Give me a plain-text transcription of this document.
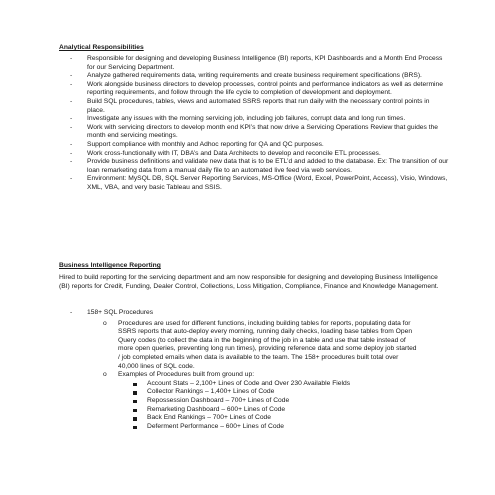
Analytical Responsibilities
- Responsible for designing and developing Business Intelligence (BI) reports, KPI Dashboards and a Month End Process for our Servicing Department.
- Analyze gathered requirements data, writing requirements and create business requirement specifications (BRS).
- Work alongside business directors to develop processes, control points and performance indicators as well as determine reporting requirements, and follow through the life cycle to completion of development and deployment.
- Build SQL procedures, tables, views and automated SSRS reports that run daily with the necessary control points in place.
- Investigate any issues with the morning servicing job, including job failures, corrupt data and long run times.
- Work with servicing directors to develop month end KPI’s that now drive a Servicing Operations Review that guides the month end servicing meetings.
- Support compliance with monthly and Adhoc reporting for QA and QC purposes.
- Work cross-functionally with IT, DBA’s and Data Architects to develop and reconcile ETL processes.
- Provide business definitions and validate new data that is to be ETL’d and added to the database. Ex: The transition of our loan remarketing data from a manual daily file to an automated live feed via web services.
- Environment: MySQL DB, SQL Server Reporting Services, MS-Office (Word, Excel, PowerPoint, Access), Visio, Windows, XML, VBA, and very basic Tableau and SSIS.
Business Intelligence Reporting

Hired to build reporting for the servicing department and am now responsible for designing and developing Business Intelligence (BI) reports for Credit, Funding, Dealer Control, Collections, Loss Mitigation, Compliance, Finance and Knowledge Management.

- 158+ SQL Procedures
o Procedures are used for different functions, including building tables for reports, populating data for SSRS reports that auto-deploy every morning, running daily checks, loading base tables from Open Query codes (to collect the data in the beginning of the job in a table and use that table instead of more open queries, preventing long run times), providing reference data and some deploy job started / job completed emails when data is available to the team. The 158+ procedures built total over 40,000 lines of SQL code.
o Examples of Procedures built from ground up:
Account Stats – 2,100+ Lines of Code and Over 230 Available Fields
Collector Rankings – 1,400+ Lines of Code
Repossession Dashboard – 700+ Lines of Code
Remarketing Dashboard – 600+ Lines of Code
Back End Rankings – 700+ Lines of Code
Deferment Performance – 600+ Lines of Code
